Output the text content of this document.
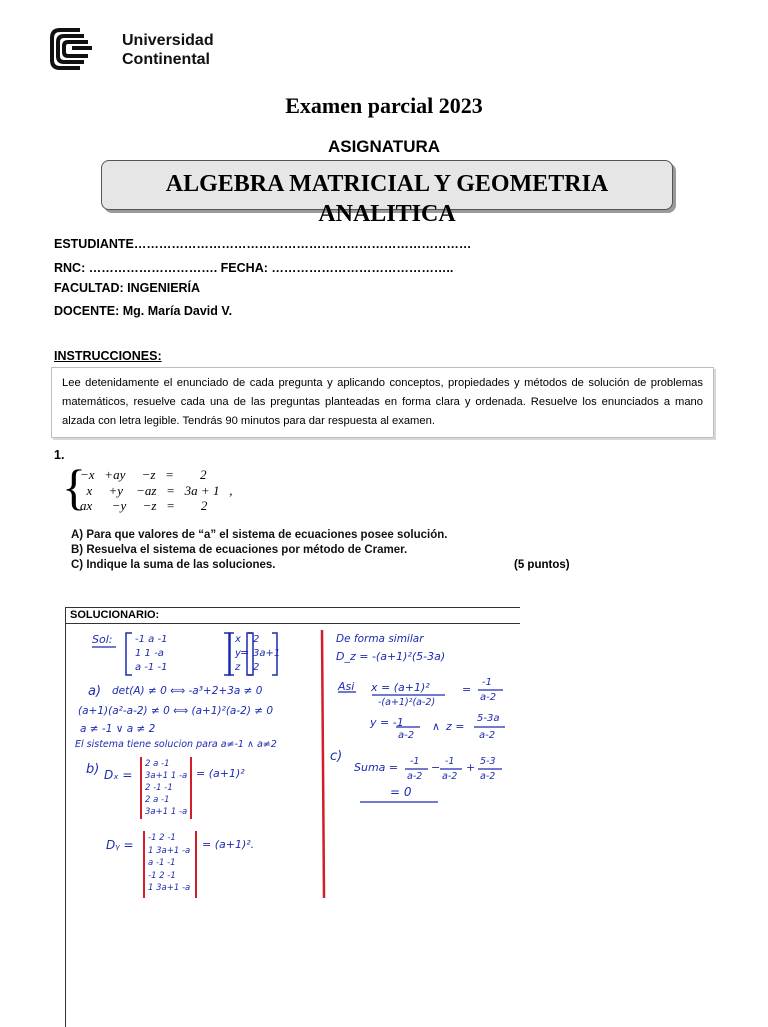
Universidad
Continental
Examen parcial 2023
ASIGNATURA
ALGEBRA MATRICIAL Y GEOMETRIA ANALITICA
ESTUDIANTE………………………………………………………………………
RNC: …………………………. FECHA: ……………………………………..
FACULTAD: INGENIERÍA
DOCENTE: Mg. María David V.
INSTRUCCIONES:
Lee detenidamente el enunciado de cada pregunta y aplicando conceptos, propiedades y métodos de solución de problemas matemáticos, resuelve cada una de las preguntas planteadas en forma clara y ordenada. Resuelve los enunciados a mano alzada con letra legible. Tendrás 90 minutos para dar respuesta al examen.
1.
{
−x   +ay     −z   =        2
x     +y    −az   =   3a + 1   ,
ax      −y     −z   =        2
A) Para que valores de “a” el sistema de ecuaciones posee solución.
B) Resuelva el sistema de ecuaciones por método de Cramer.
C) Indique la suma de las soluciones.	(5 puntos)
SOLUCIONARIO:
Sol: -1 a -1
1 1 -a
a -1 -1
x
y
z
=
2
3a+1
2
a) det(A) ≠ 0 ⟺ -a³+2+3a ≠ 0
(a+1)(a²-a-2) ≠ 0 ⟺ (a+1)²(a-2) ≠ 0
a ≠ -1 ∨ a ≠ 2
El sistema tiene solucion para a≠-1 ∧ a≠2
b) Dₓ =
2 a -1
3a+1 1 -a
2 -1 -1
2 a -1
3a+1 1 -a
= (a+1)²
Dᵧ = -1 2 -1
1 3a+1 -a
a -1 -1
-1 2 -1
1 3a+1 -a
= (a+1)².
De forma similar
D_z = -(a+1)²(5-3a)
Asi x = (a+1)²
-(a+1)²(a-2)
=
-1
a-2
y = -1
a-2
∧ z =
5-3a
a-2
c)
Suma = -1
a-2
− -1
a-2
+ 5-3
a-2
= 0
